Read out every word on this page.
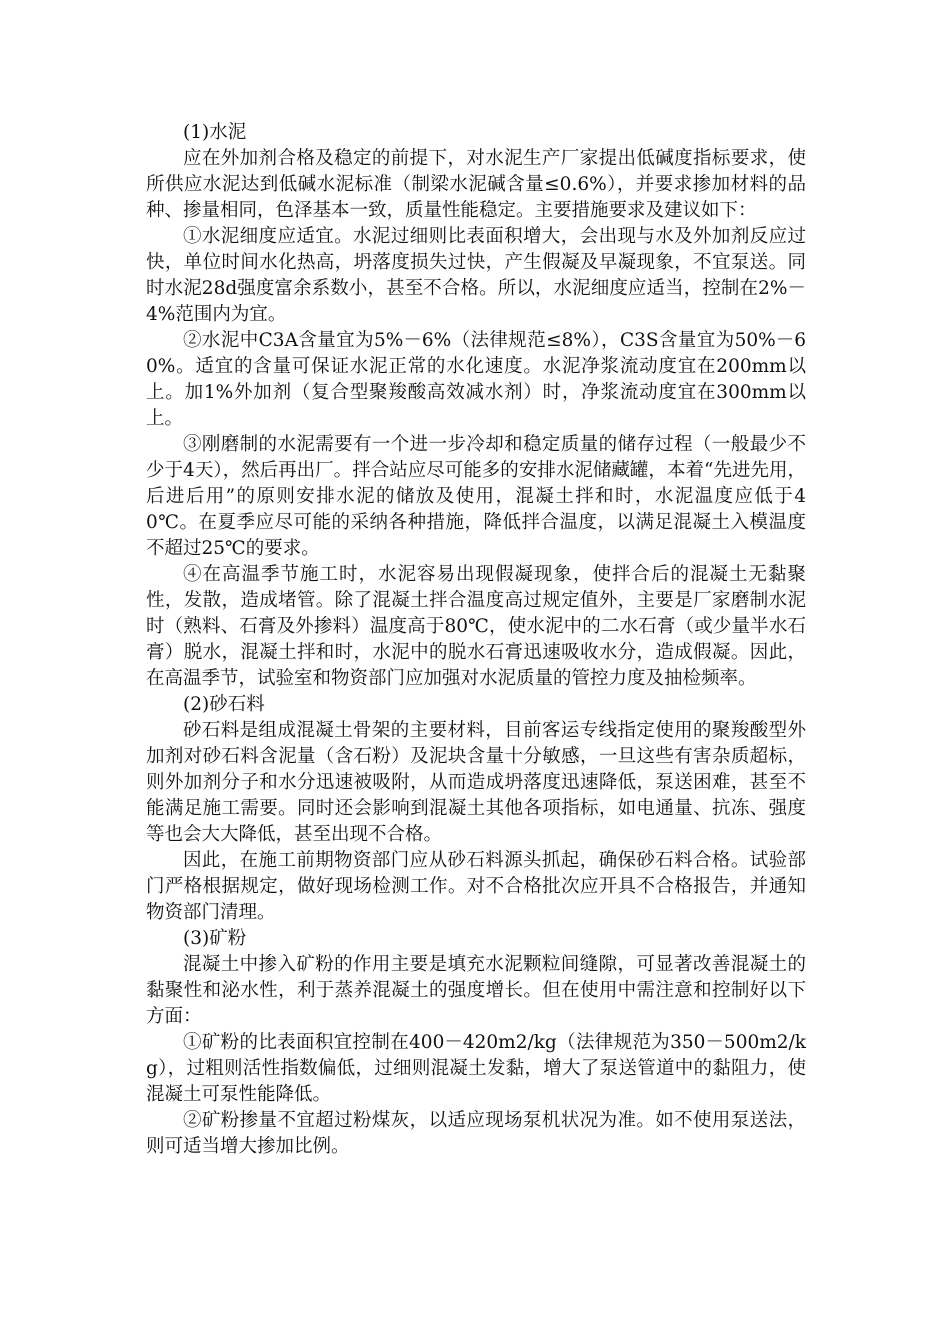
(1)水泥

应在外加剂合格及稳定的前提下，对水泥生产厂家提出低碱度指标要求，使所供应水泥达到低碱水泥标准（制梁水泥碱含量≤0.6%），并要求掺加材料的品种、掺量相同，色泽基本一致，质量性能稳定。主要措施要求及建议如下：

①水泥细度应适宜。水泥过细则比表面积增大，会出现与水及外加剂反应过快，单位时间水化热高，坍落度损失过快，产生假凝及早凝现象，不宜泵送。同时水泥28d强度富余系数小，甚至不合格。所以，水泥细度应适当，控制在2%－4%范围内为宜。

②水泥中C3A含量宜为5%－6%（法律规范≤8%），C3S含量宜为50%－60%。适宜的含量可保证水泥正常的水化速度。水泥净浆流动度宜在200mm以上。加1%外加剂（复合型聚羧酸高效减水剂）时，净浆流动度宜在300mm以上。

③刚磨制的水泥需要有一个进一步冷却和稳定质量的储存过程（一般最少不少于4天），然后再出厂。拌合站应尽可能多的安排水泥储藏罐，本着“先进先用，后进后用”的原则安排水泥的储放及使用，混凝土拌和时，水泥温度应低于40℃。在夏季应尽可能的采纳各种措施，降低拌合温度，以满足混凝土入模温度不超过25℃的要求。

④在高温季节施工时，水泥容易出现假凝现象，使拌合后的混凝土无黏聚性，发散，造成堵管。除了混凝土拌合温度高过规定值外，主要是厂家磨制水泥时（熟料、石膏及外掺料）温度高于80℃，使水泥中的二水石膏（或少量半水石膏）脱水，混凝土拌和时，水泥中的脱水石膏迅速吸收水分，造成假凝。因此，在高温季节，试验室和物资部门应加强对水泥质量的管控力度及抽检频率。

(2)砂石料

砂石料是组成混凝土骨架的主要材料，目前客运专线指定使用的聚羧酸型外加剂对砂石料含泥量（含石粉）及泥块含量十分敏感，一旦这些有害杂质超标，则外加剂分子和水分迅速被吸附，从而造成坍落度迅速降低，泵送困难，甚至不能满足施工需要。同时还会影响到混凝土其他各项指标，如电通量、抗冻、强度等也会大大降低，甚至出现不合格。

因此，在施工前期物资部门应从砂石料源头抓起，确保砂石料合格。试验部门严格根据规定，做好现场检测工作。对不合格批次应开具不合格报告，并通知物资部门清理。

(3)矿粉

混凝土中掺入矿粉的作用主要是填充水泥颗粒间缝隙，可显著改善混凝土的黏聚性和泌水性，利于蒸养混凝土的强度增长。但在使用中需注意和控制好以下方面：

①矿粉的比表面积宜控制在400－420m2/kg（法律规范为350－500m2/kg），过粗则活性指数偏低，过细则混凝土发黏，增大了泵送管道中的黏阻力，使混凝土可泵性能降低。

②矿粉掺量不宜超过粉煤灰，以适应现场泵机状况为准。如不使用泵送法，则可适当增大掺加比例。
